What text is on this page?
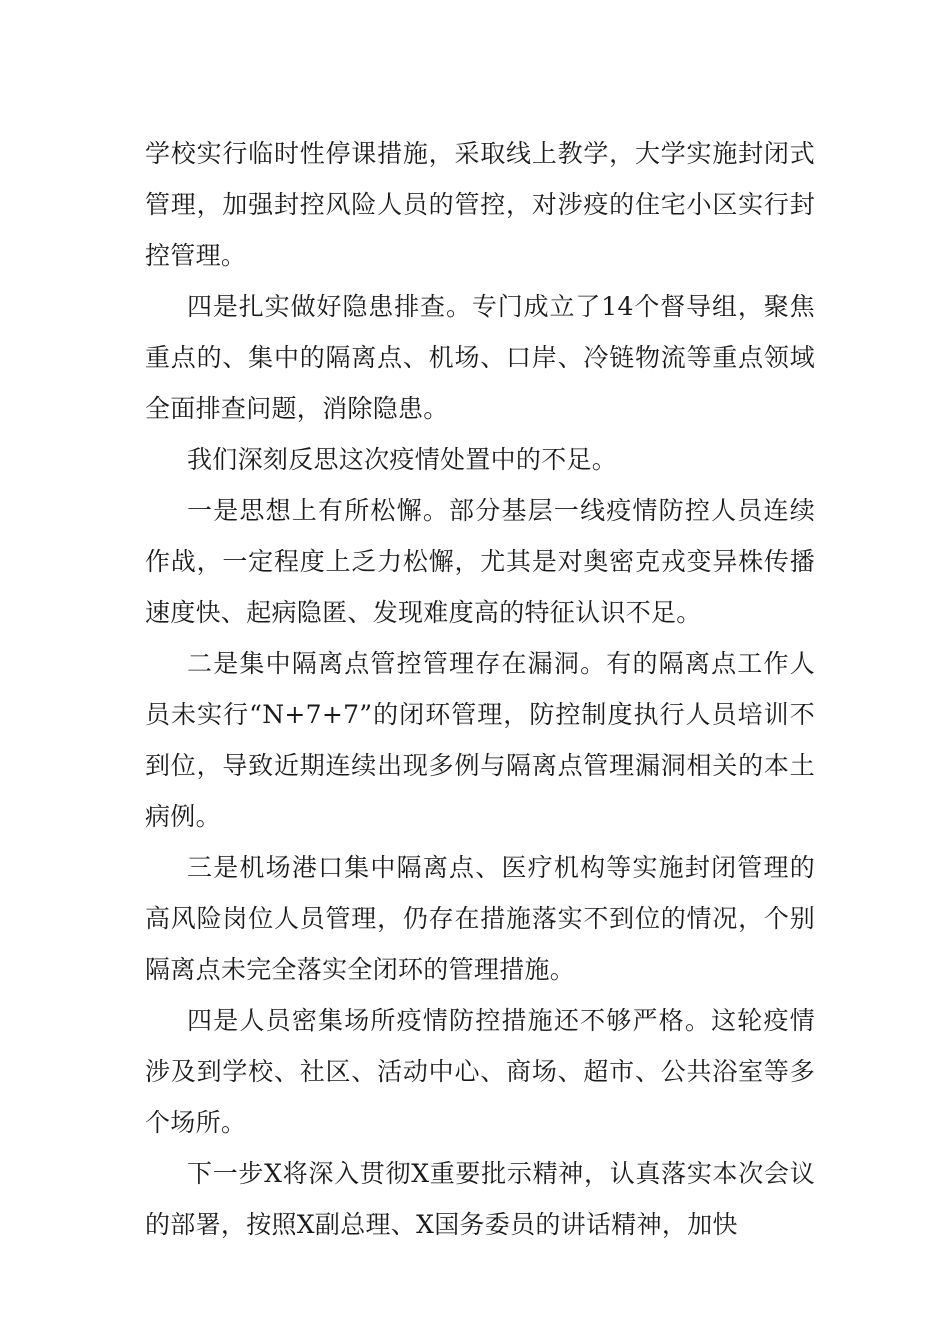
学校实行临时性停课措施，采取线上教学，大学实施封闭式管理，加强封控风险人员的管控，对涉疫的住宅小区实行封控管理。

四是扎实做好隐患排查。专门成立了14个督导组，聚焦重点的、集中的隔离点、机场、口岸、冷链物流等重点领域全面排查问题，消除隐患。

我们深刻反思这次疫情处置中的不足。

一是思想上有所松懈。部分基层一线疫情防控人员连续作战，一定程度上乏力松懈，尤其是对奥密克戎变异株传播速度快、起病隐匿、发现难度高的特征认识不足。

二是集中隔离点管控管理存在漏洞。有的隔离点工作人员未实行“N+7+7”的闭环管理，防控制度执行人员培训不到位，导致近期连续出现多例与隔离点管理漏洞相关的本土病例。

三是机场港口集中隔离点、医疗机构等实施封闭管理的高风险岗位人员管理，仍存在措施落实不到位的情况，个别隔离点未完全落实全闭环的管理措施。

四是人员密集场所疫情防控措施还不够严格。这轮疫情涉及到学校、社区、活动中心、商场、超市、公共浴室等多个场所。

下一步X将深入贯彻X重要批示精神，认真落实本次会议的部署，按照X副总理、X国务委员的讲话精神，加快
